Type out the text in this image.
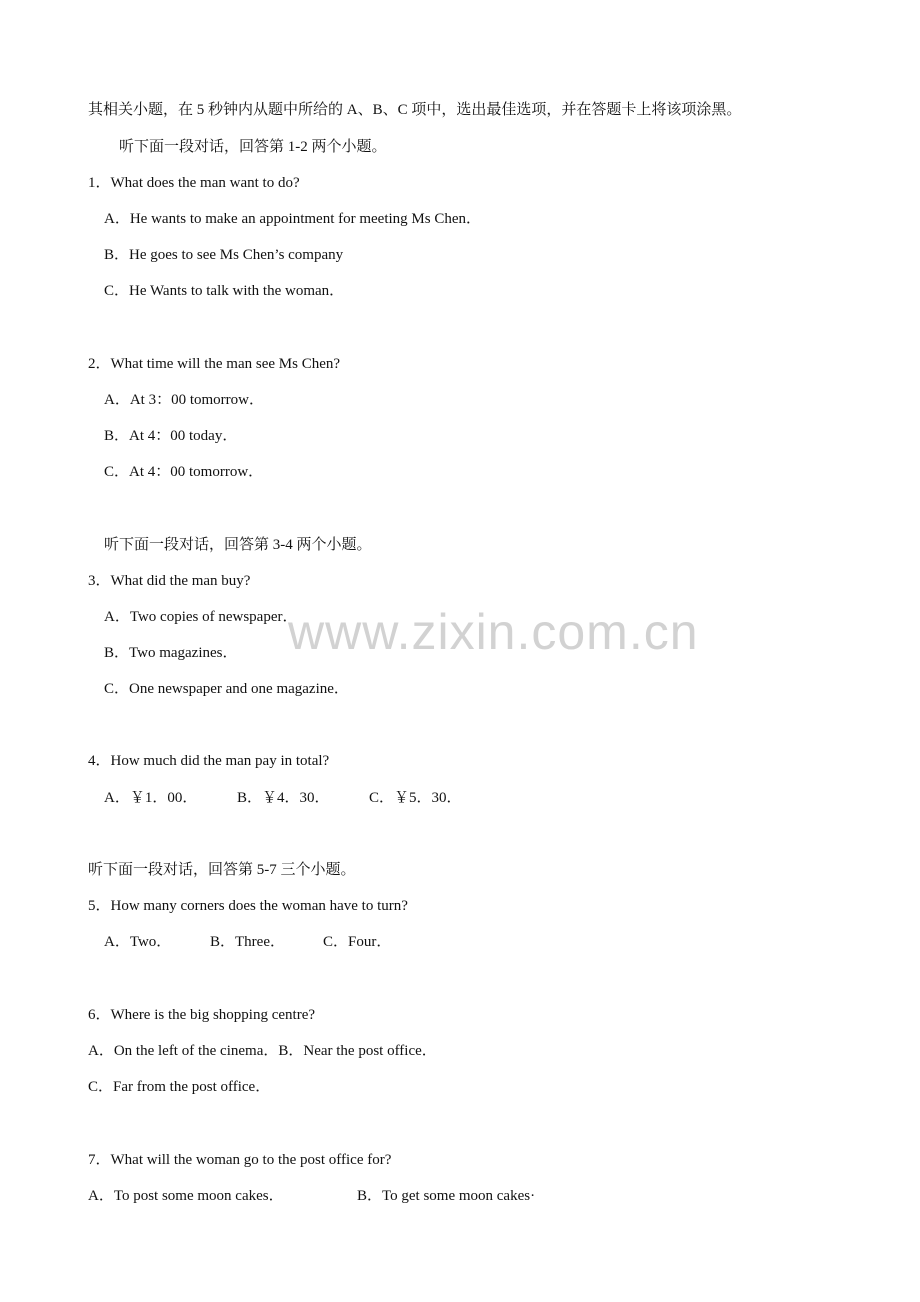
其相关小题，在 5 秒钟内从题中所给的 A、B、C 项中，选出最佳选项，并在答题卡上将该项涂黑。
听下面一段对话，回答第 1-2 两个小题。
1．What does the man want to do?
A．He wants to make an appointment for meeting Ms Chen．
B．He goes to see Ms Chen’s company
C．He Wants to talk with the woman．
2．What time will the man see Ms Chen?
A．At 3：00 tomorrow．
B．At 4：00 today．
C．At 4：00 tomorrow．
听下面一段对话，回答第 3-4 两个小题。
3．What did the man buy?
A．Two copies of newspaper．
B．Two magazines．
C．One newspaper and one magazine．
4．How much did the man pay in total?
A．￥1．00．	B．￥4．30．	C．￥5．30．
听下面一段对话，回答第 5-7 三个小题。
5．How many corners does the woman have to turn?
A．Two．	B．Three．	C．Four．
6．Where is the big shopping centre?
A．On the left of the cinema．B．Near the post office．
C．Far from the post office．
7．What will the woman go to the post office for?
A．To post some moon cakes．	B．To get some moon cakes·
www.zixin.com.cn
